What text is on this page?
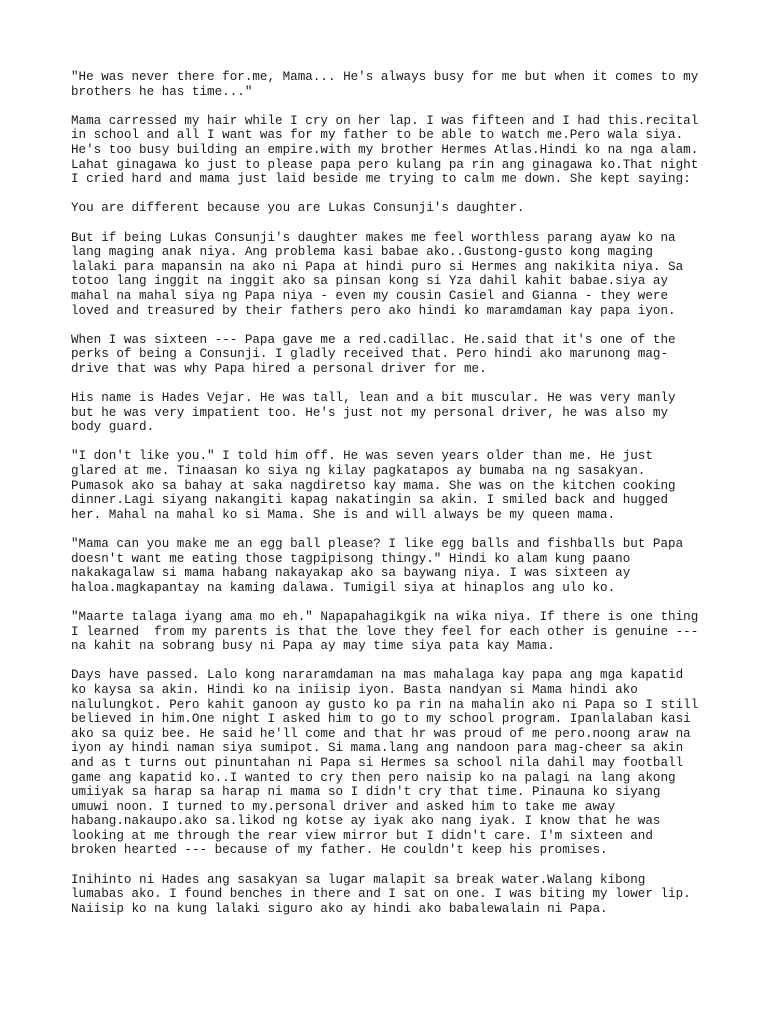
"He was never there for.me, Mama... He's always busy for me but when it comes to my
brothers he has time..."
Mama carressed my hair while I cry on her lap. I was fifteen and I had this.recital
in school and all I want was for my father to be able to watch me.Pero wala siya.
He's too busy building an empire.with my brother Hermes Atlas.Hindi ko na nga alam.
Lahat ginagawa ko just to please papa pero kulang pa rin ang ginagawa ko.That night
I cried hard and mama just laid beside me trying to calm me down. She kept saying:
You are different because you are Lukas Consunji's daughter.
But if being Lukas Consunji's daughter makes me feel worthless parang ayaw ko na
lang maging anak niya. Ang problema kasi babae ako..Gustong-gusto kong maging
lalaki para mapansin na ako ni Papa at hindi puro si Hermes ang nakikita niya. Sa
totoo lang inggit na inggit ako sa pinsan kong si Yza dahil kahit babae.siya ay
mahal na mahal siya ng Papa niya - even my cousin Casiel and Gianna - they were
loved and treasured by their fathers pero ako hindi ko maramdaman kay papa iyon.
When I was sixteen --- Papa gave me a red.cadillac. He.said that it's one of the
perks of being a Consunji. I gladly received that. Pero hindi ako marunong mag-
drive that was why Papa hired a personal driver for me.
His name is Hades Vejar. He was tall, lean and a bit muscular. He was very manly
but he was very impatient too. He's just not my personal driver, he was also my
body guard.
"I don't like you." I told him off. He was seven years older than me. He just
glared at me. Tinaasan ko siya ng kilay pagkatapos ay bumaba na ng sasakyan.
Pumasok ako sa bahay at saka nagdiretso kay mama. She was on the kitchen cooking
dinner.Lagi siyang nakangiti kapag nakatingin sa akin. I smiled back and hugged
her. Mahal na mahal ko si Mama. She is and will always be my queen mama.
"Mama can you make me an egg ball please? I like egg balls and fishballs but Papa
doesn't want me eating those tagpipisong thingy." Hindi ko alam kung paano
nakakagalaw si mama habang nakayakap ako sa baywang niya. I was sixteen ay
haloa.magkapantay na kaming dalawa. Tumigil siya at hinaplos ang ulo ko.
"Maarte talaga iyang ama mo eh." Napapahagikgik na wika niya. If there is one thing
I learned  from my parents is that the love they feel for each other is genuine ---
na kahit na sobrang busy ni Papa ay may time siya pata kay Mama.
Days have passed. Lalo kong nararamdaman na mas mahalaga kay papa ang mga kapatid
ko kaysa sa akin. Hindi ko na iniisip iyon. Basta nandyan si Mama hindi ako
nalulungkot. Pero kahit ganoon ay gusto ko pa rin na mahalin ako ni Papa so I still
believed in him.One night I asked him to go to my school program. Ipanlalaban kasi
ako sa quiz bee. He said he'll come and that hr was proud of me pero.noong araw na
iyon ay hindi naman siya sumipot. Si mama.lang ang nandoon para mag-cheer sa akin
and as t turns out pinuntahan ni Papa si Hermes sa school nila dahil may football
game ang kapatid ko..I wanted to cry then pero naisip ko na palagi na lang akong
umiiyak sa harap sa harap ni mama so I didn't cry that time. Pinauna ko siyang
umuwi noon. I turned to my.personal driver and asked him to take me away
habang.nakaupo.ako sa.likod ng kotse ay iyak ako nang iyak. I know that he was
looking at me through the rear view mirror but I didn't care. I'm sixteen and
broken hearted --- because of my father. He couldn't keep his promises.
Inihinto ni Hades ang sasakyan sa lugar malapit sa break water.Walang kibong
lumabas ako. I found benches in there and I sat on one. I was biting my lower lip.
Naiisip ko na kung lalaki siguro ako ay hindi ako babalewalain ni Papa.
